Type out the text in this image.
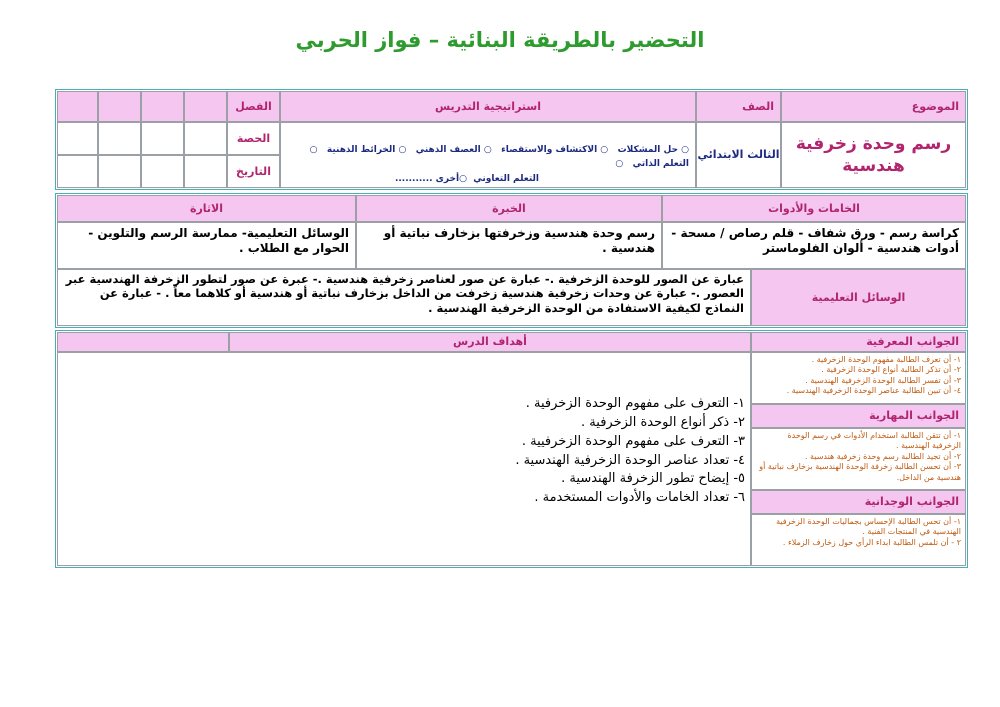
التحضير بالطريقة البنائية – فواز الحربي
الموضوع
الصف
استراتيجية التدريس
الفصل
رسم وحدة زخرفية هندسية
الثالث الابتدائي
○ حل المشكلات   ○ الاكتشاف والاستقصاء   ○ العصف الذهني   ○ الخرائط الذهنية   ○ التعلم الذاتي   ○
التعلم التعاوني  ○أخرى ...........
الحصة
التاريخ
الخامات والأدوات
الخبرة
الاثارة
كراسة رسم - ورق شفاف - قلم رصاص / مسحة - أدوات هندسية - ألوان الفلوماستر
رسم وحدة هندسية وزخرفتها بزخارف نباتية أو هندسية .
الوسائل التعليمية- ممارسة الرسم والتلوين - الحوار مع الطلاب .
الوسائل التعليمية
عبارة عن الصور للوحدة الزخرفية .- عبارة عن صور لعناصر زخرفية هندسية .- عبرة عن صور لتطور الزخرفة الهندسية عبر العصور .- عبارة عن وحدات زخرفية هندسية زخرفت من الداخل بزخارف نباتية أو هندسية أو كلاهما معاً . - عبارة عن النماذج لكيفية الاستفادة من الوحدة الزخرفية الهندسية .
الجوانب المعرفية
أهداف الدرس
١- أن تعرف الطالبة مفهوم الوحدة الزخرفية .
٢- أن تذكر الطالبة أنواع الوحدة الزخرفية .
٣- أن تفسر الطالبة الوحدة الزخرفية الهندسية .
٤- أن تبين الطالبة عناصر الوحدة الزخرفية الهندسية .
الجوانب المهارية
١- أن تتقن الطالبة استخدام الأدوات في رسم الوحدة الزخرفية الهندسية .
٢- أن تجيد الطالبة رسم وحدة زخرفية هندسية .
٣- أن تحسن الطالبة زخرفة الوحدة الهندسية بزخارف نباتية أو هندسية من الداخل.
الجوانب الوجدانية
١- أن تحس الطالبة الإحساس بجماليات الوحدة الزخرفية الهندسية في المنتجات الفنية .
٢ - أن تلمس الطالبة ابداء الرأي حول زخارف الزملاء .
١- التعرف على مفهوم الوحدة الزخرفية .
٢- ذكر أنواع الوحدة الزخرفية .
٣- التعرف على مفهوم الوحدة الزخرفيية .
٤- تعداد عناصر الوحدة الزخرفية الهندسية .
٥- إيضاح تطور الزخرفة الهندسية .
٦- تعداد الخامات والأدوات المستخدمة .
